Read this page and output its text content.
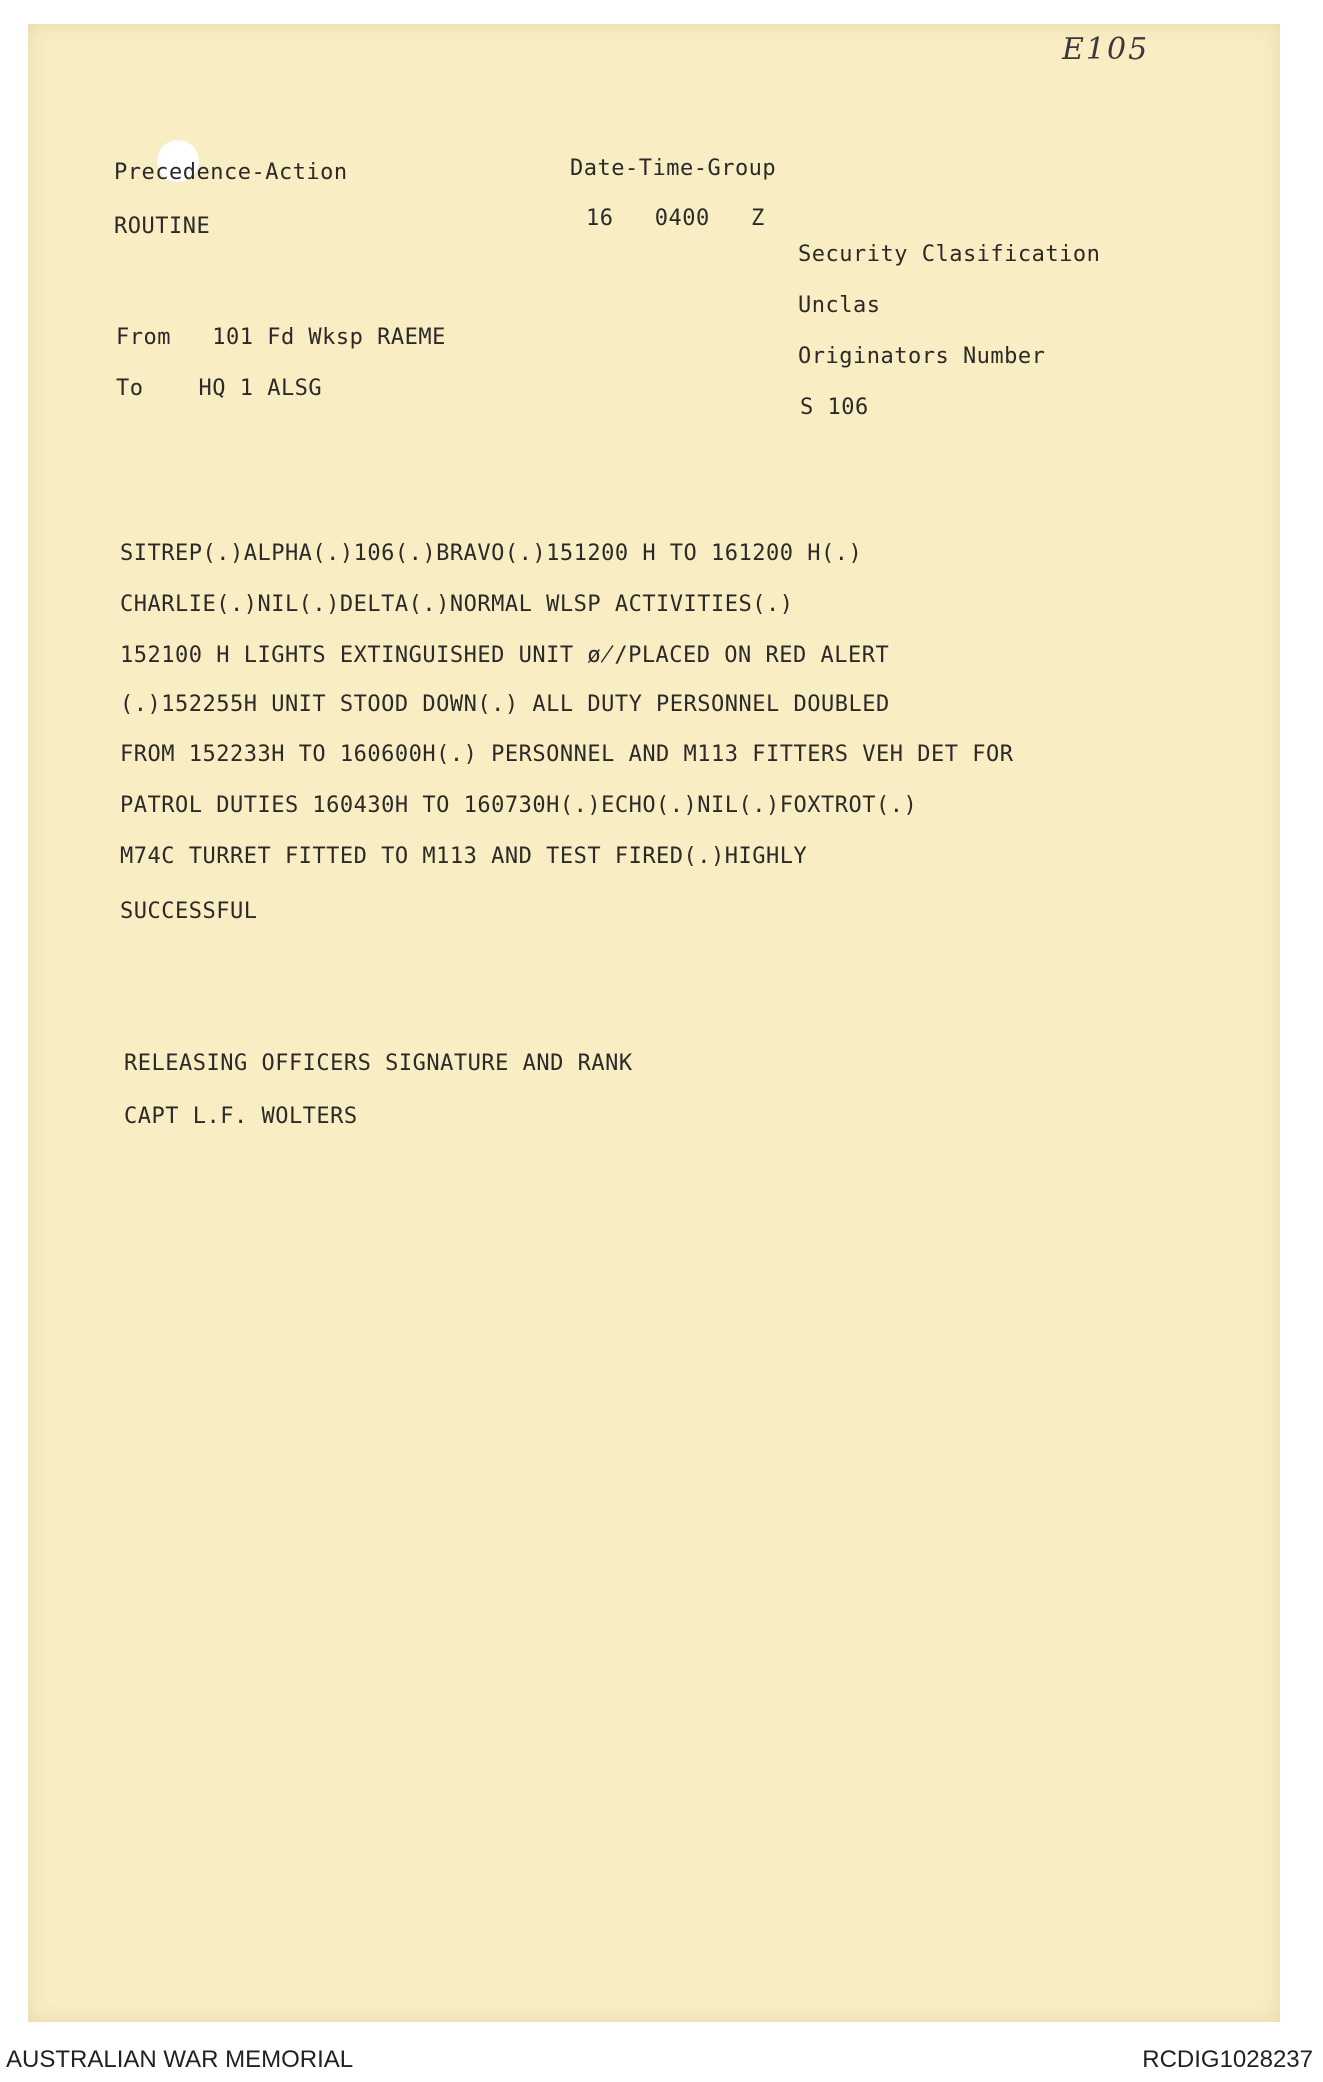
E105
Precedence-Action
ROUTINE
Date-Time-Group
16   0400   Z
Security Clasification
Unclas
Originators Number
S 106
From   101 Fd Wksp RAEME
To    HQ 1 ALSG
SITREP(.)ALPHA(.)106(.)BRAVO(.)151200 H TO 161200 H(.)
CHARLIE(.)NIL(.)DELTA(.)NORMAL WLSP ACTIVITIES(.)
152100 H LIGHTS EXTINGUISHED UNIT ø̸/PLACED ON RED ALERT
(.)152255H UNIT STOOD DOWN(.) ALL DUTY PERSONNEL DOUBLED
FROM 152233H TO 160600H(.) PERSONNEL AND M113 FITTERS VEH DET FOR
PATROL DUTIES 160430H TO 160730H(.)ECHO(.)NIL(.)FOXTROT(.)
M74C TURRET FITTED TO M113 AND TEST FIRED(.)HIGHLY
SUCCESSFUL
RELEASING OFFICERS SIGNATURE AND RANK
CAPT L.F. WOLTERS
AUSTRALIAN WAR MEMORIAL	RCDIG1028237
